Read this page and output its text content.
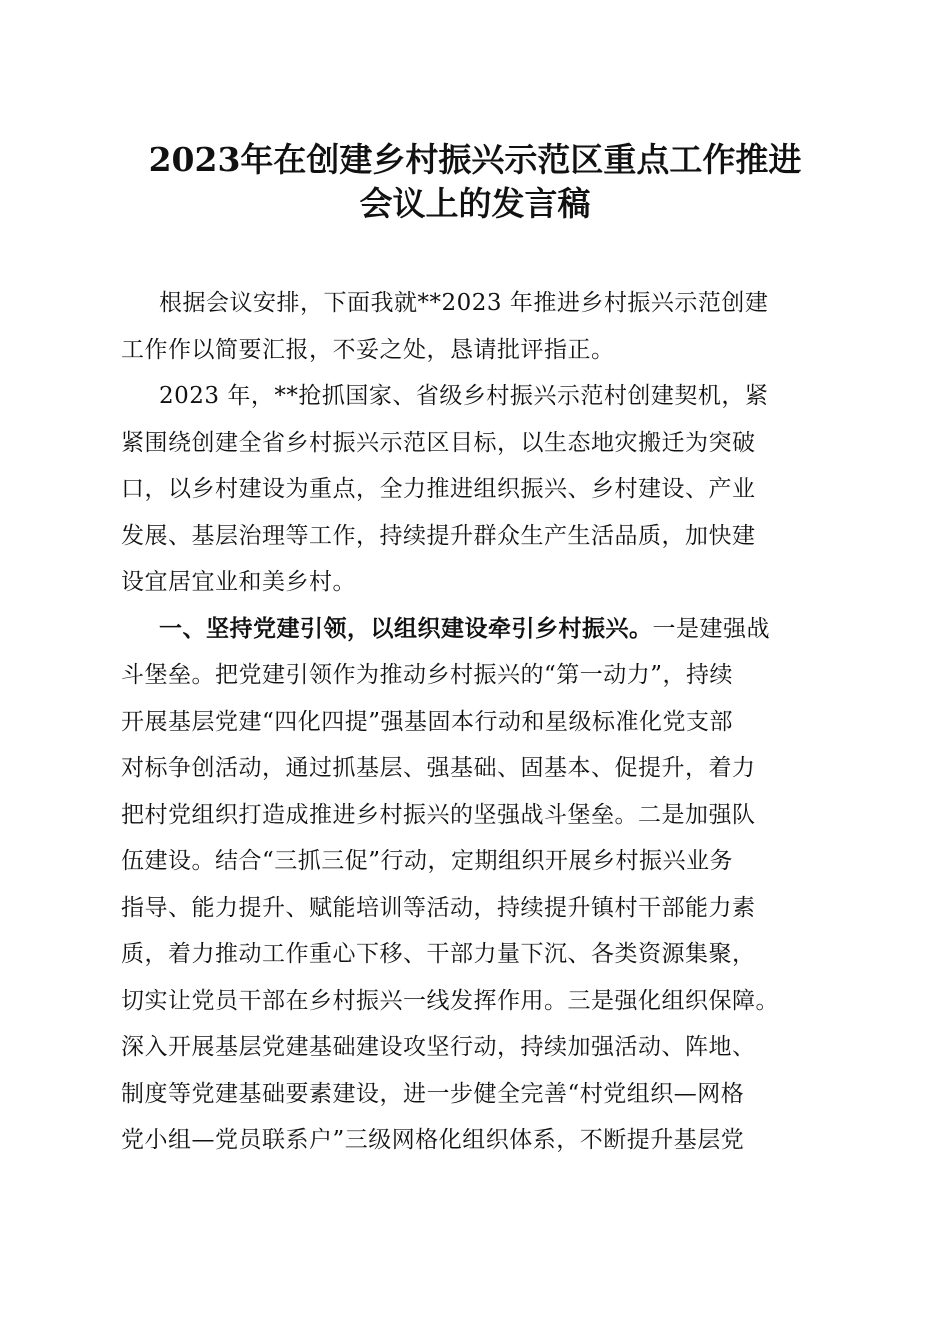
2023年在创建乡村振兴示范区重点工作推进
会议上的发言稿

根据会议安排，下面我就**2023 年推进乡村振兴示范创建
工作作以简要汇报，不妥之处，恳请批评指正。

2023 年，**抢抓国家、省级乡村振兴示范村创建契机，紧
紧围绕创建全省乡村振兴示范区目标，以生态地灾搬迁为突破
口，以乡村建设为重点，全力推进组织振兴、乡村建设、产业
发展、基层治理等工作，持续提升群众生产生活品质，加快建
设宜居宜业和美乡村。

一、坚持党建引领，以组织建设牵引乡村振兴。一是建强战
斗堡垒。把党建引领作为推动乡村振兴的“第一动力”，持续
开展基层党建“四化四提”强基固本行动和星级标准化党支部
对标争创活动，通过抓基层、强基础、固基本、促提升，着力
把村党组织打造成推进乡村振兴的坚强战斗堡垒。二是加强队
伍建设。结合“三抓三促”行动，定期组织开展乡村振兴业务
指导、能力提升、赋能培训等活动，持续提升镇村干部能力素
质，着力推动工作重心下移、干部力量下沉、各类资源集聚，
切实让党员干部在乡村振兴一线发挥作用。三是强化组织保障。
深入开展基层党建基础建设攻坚行动，持续加强活动、阵地、
制度等党建基础要素建设，进一步健全完善“村党组织—网格
党小组—党员联系户”三级网格化组织体系，不断提升基层党
